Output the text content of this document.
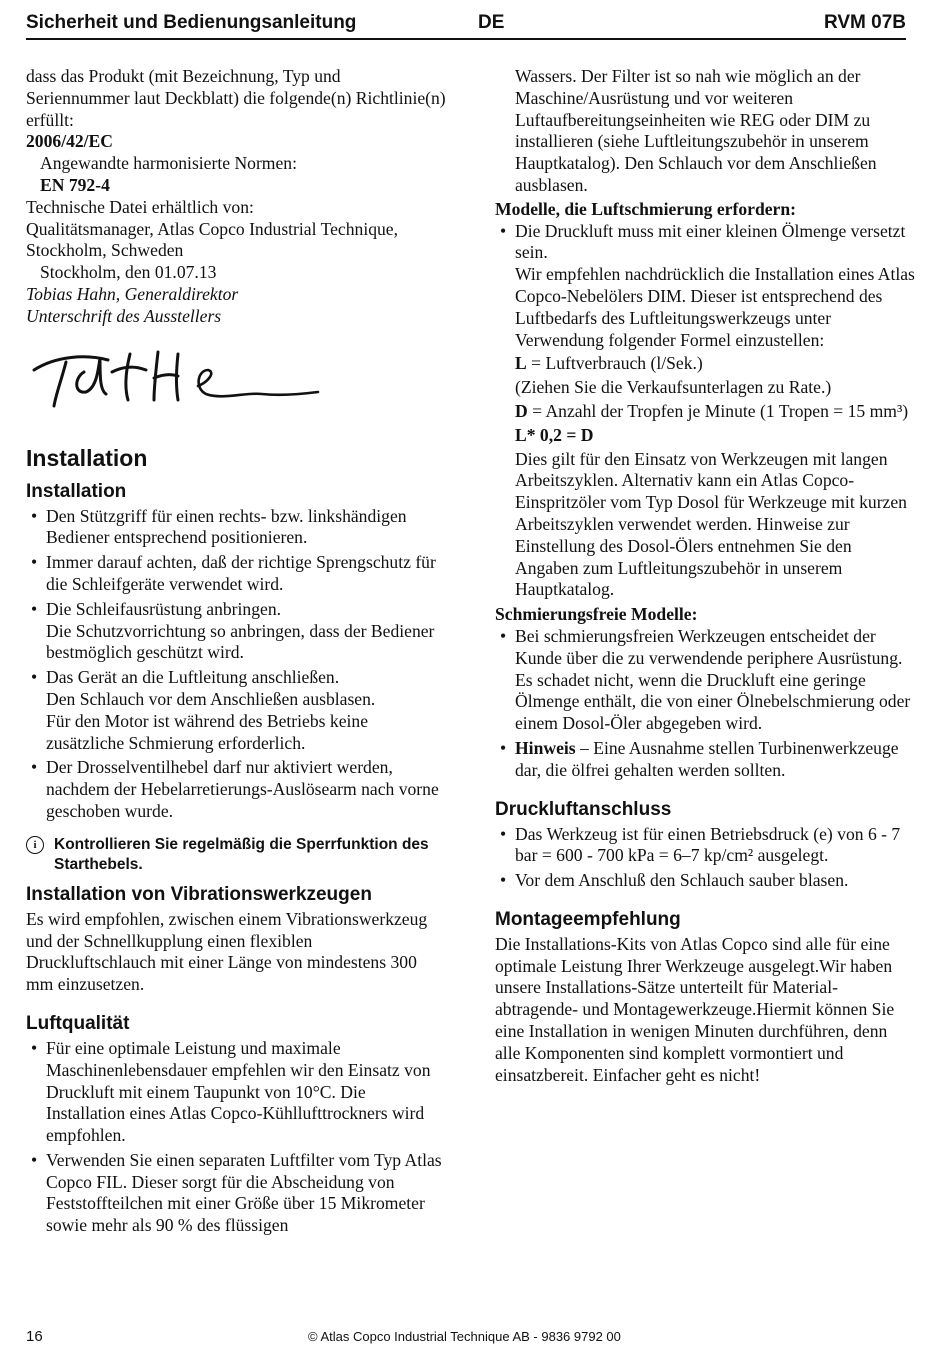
Sicherheit und Bedienungsanleitung	DE	RVM 07B

dass das Produkt (mit Bezeichnung, Typ und Seriennummer laut Deckblatt) die folgende(n) Richtlinie(n) erfüllt:

2006/42/EC

Angewandte harmonisierte Normen:

EN 792-4

Technische Datei erhältlich von:

Qualitätsmanager, Atlas Copco Industrial Technique, Stockholm, Schweden

Stockholm, den 01.07.13

Tobias Hahn, Generaldirektor

Unterschrift des Ausstellers

Installation
Installation
• Den Stützgriff für einen rechts- bzw. linkshändigen Bediener entsprechend positionieren.
• Immer darauf achten, daß der richtige Sprengschutz für die Schleifgeräte verwendet wird.
• Die Schleifausrüstung anbringen.
Die Schutzvorrichtung so anbringen, dass der Bediener bestmöglich geschützt wird.
• Das Gerät an die Luftleitung anschließen.
Den Schlauch vor dem Anschließen ausblasen.
Für den Motor ist während des Betriebs keine zusätzliche Schmierung erforderlich.
• Der Drosselventilhebel darf nur aktiviert werden, nachdem der Hebelarretierungs-Auslösearm nach vorne geschoben wurde.
i	Kontrollieren Sie regelmäßig die Sperrfunktion des Starthebels.
Installation von Vibrationswerkzeugen

Es wird empfohlen, zwischen einem Vibrationswerkzeug und der Schnellkupplung einen flexiblen Druckluftschlauch mit einer Länge von mindestens 300 mm einzusetzen.

Luftqualität
• Für eine optimale Leistung und maximale Maschinenlebensdauer empfehlen wir den Einsatz von Druckluft mit einem Taupunkt von 10°C. Die Installation eines Atlas Copco-Kühllufttrockners wird empfohlen.
• Verwenden Sie einen separaten Luftfilter vom Typ Atlas Copco FIL. Dieser sorgt für die Abscheidung von Feststoffteilchen mit einer Größe über 15 Mikrometer sowie mehr als 90 % des flüssigen

Wassers. Der Filter ist so nah wie möglich an der Maschine/Ausrüstung und vor weiteren Luftaufbereitungseinheiten wie REG oder DIM zu installieren (siehe Luftleitungszubehör in unserem Hauptkatalog). Den Schlauch vor dem Anschließen ausblasen.

Modelle, die Luftschmierung erfordern:

• Die Druckluft muss mit einer kleinen Ölmenge versetzt sein.
Wir empfehlen nachdrücklich die Installation eines Atlas Copco-Nebelölers DIM. Dieser ist entsprechend des Luftbedarfs des Luftleitungswerkzeugs unter Verwendung folgender Formel einzustellen:
L = Luftverbrauch (l/Sek.)
(Ziehen Sie die Verkaufsunterlagen zu Rate.)
D = Anzahl der Tropfen je Minute (1 Tropen = 15 mm³)
L* 0,2 = D
Dies gilt für den Einsatz von Werkzeugen mit langen Arbeitszyklen. Alternativ kann ein Atlas Copco-Einspritzöler vom Typ Dosol für Werkzeuge mit kurzen Arbeitszyklen verwendet werden. Hinweise zur Einstellung des Dosol-Ölers entnehmen Sie den Angaben zum Luftleitungszubehör in unserem Hauptkatalog.

Schmierungsfreie Modelle:

• Bei schmierungsfreien Werkzeugen entscheidet der Kunde über die zu verwendende periphere Ausrüstung. Es schadet nicht, wenn die Druckluft eine geringe Ölmenge enthält, die von einer Ölnebelschmierung oder einem Dosol-Öler abgegeben wird.
• Hinweis – Eine Ausnahme stellen Turbinenwerkzeuge dar, die ölfrei gehalten werden sollten.
Druckluftanschluss
• Das Werkzeug ist für einen Betriebsdruck (e) von 6 - 7 bar = 600 - 700 kPa = 6–7 kp/cm² ausgelegt.
• Vor dem Anschluß den Schlauch sauber blasen.
Montageempfehlung

Die Installations-Kits von Atlas Copco sind alle für eine optimale Leistung Ihrer Werkzeuge ausgelegt.Wir haben unsere Installations-Sätze unterteilt für Material-abtragende- und Montagewerkzeuge.Hiermit können Sie eine Installation in wenigen Minuten durchführen, denn alle Komponenten sind komplett vormontiert und einsatzbereit. Einfacher geht es nicht!

16	© Atlas Copco Industrial Technique AB - 9836 9792 00
